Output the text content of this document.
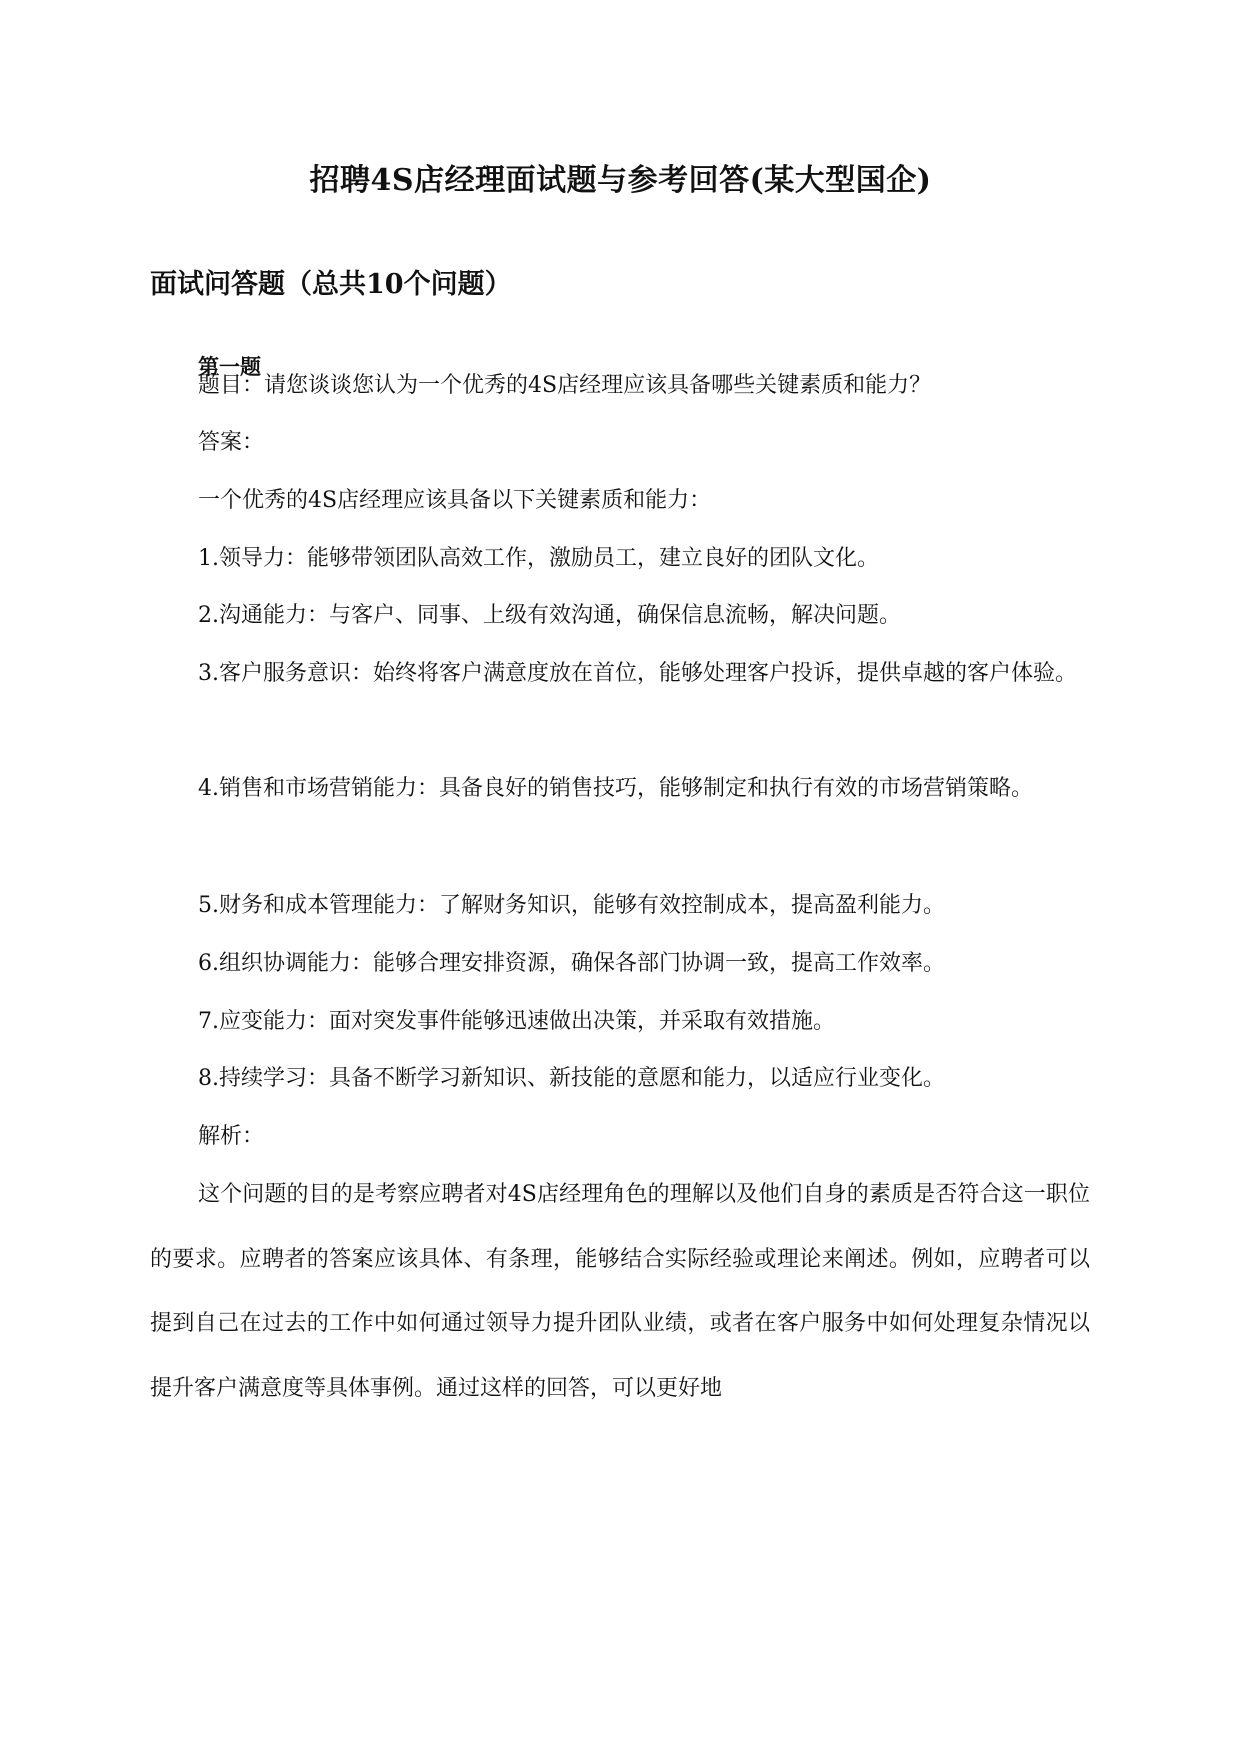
招聘4S店经理面试题与参考回答(某大型国企)
面试问答题（总共10个问题）
第一题

题目：请您谈谈您认为一个优秀的4S店经理应该具备哪些关键素质和能力？

答案：

一个优秀的4S店经理应该具备以下关键素质和能力：

1.领导力：能够带领团队高效工作，激励员工，建立良好的团队文化。

2.沟通能力：与客户、同事、上级有效沟通，确保信息流畅，解决问题。

3.客户服务意识：始终将客户满意度放在首位，能够处理客户投诉，提供卓越的客户体验。

4.销售和市场营销能力：具备良好的销售技巧，能够制定和执行有效的市场营销策略。

5.财务和成本管理能力：了解财务知识，能够有效控制成本，提高盈利能力。

6.组织协调能力：能够合理安排资源，确保各部门协调一致，提高工作效率。

7.应变能力：面对突发事件能够迅速做出决策，并采取有效措施。

8.持续学习：具备不断学习新知识、新技能的意愿和能力，以适应行业变化。

解析：

这个问题的目的是考察应聘者对4S店经理角色的理解以及他们自身的素质是否符合这一职位的要求。应聘者的答案应该具体、有条理，能够结合实际经验或理论来阐述。例如，应聘者可以提到自己在过去的工作中如何通过领导力提升团队业绩，或者在客户服务中如何处理复杂情况以提升客户满意度等具体事例。通过这样的回答，可以更好地
